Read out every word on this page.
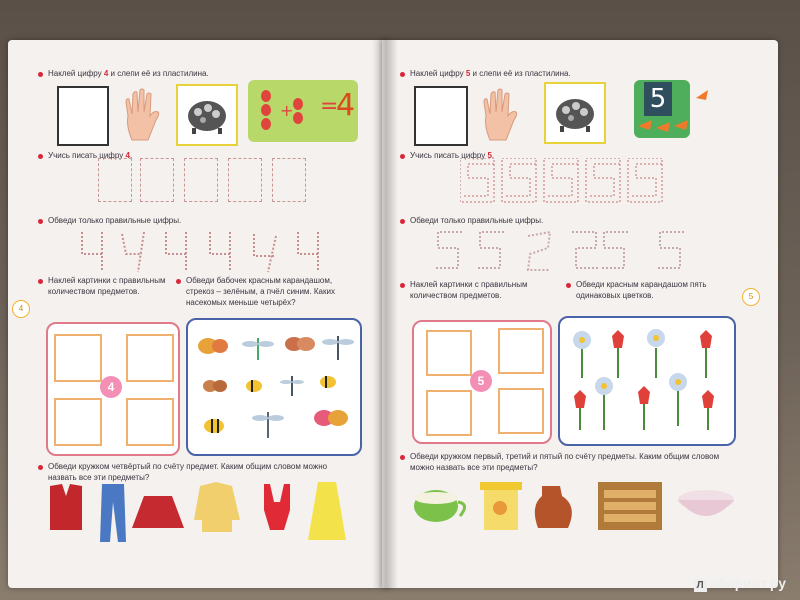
Наклей цифру 4 и слепи её из пластилина.
+ =
4
Учись писать цифру 4.
Обведи только правильные цифры.
Наклей картинки с правильным количеством предметов.
Обведи бабочек красным карандашом, стрекоз – зелёным, а пчёл синим. Каких насекомых меньше четырёх?
4
4
Обведи кружком четвёртый по счёту предмет. Каким общим словом можно назвать все эти предметы?
Наклей цифру 5 и слепи её из пластилина.
5
Учись писать цифру 5.
Обведи только правильные цифры.
Наклей картинки с правильным количеством предметов.
Обведи красным карандашом пять одинаковых цветков.	5
5
Обведи кружком первый, третий и пятый по счёту предметы. Каким общим словом можно назвать все эти предметы?
Л абиринт.ру
